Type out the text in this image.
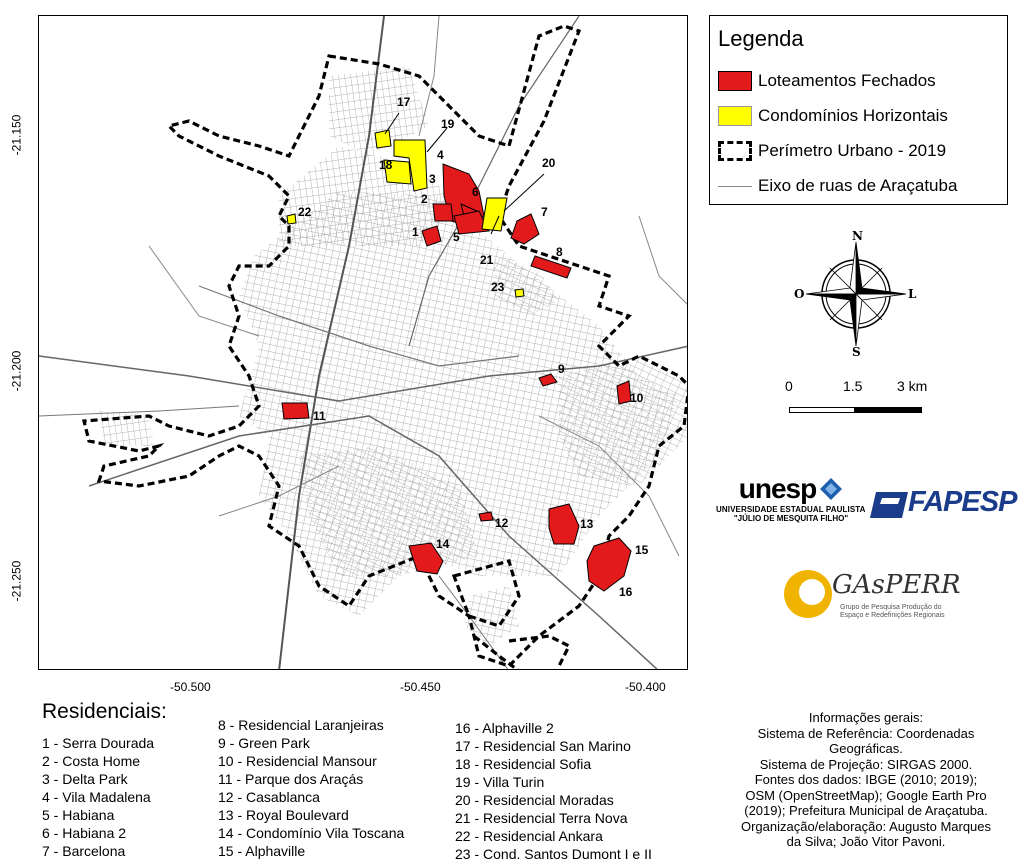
1
2
3
4
5
6
7
8
9
10
11
12	13
14	15
16
17
18
19
20
21
22
23
-21.150
-21.200
-21.250
-50.500	-50.450	-50.400
Legenda
Loteamentos Fechados
Condomínios Horizontais
Perímetro Urbano - 2019
Eixo de ruas de Araçatuba
N
S
O	L
0	1.5 3 km
unesp
UNIVERSIDADE ESTADUAL PAULISTA
"JÚLIO DE MESQUITA FILHO"
FAPESP
GAsPERR
Grupo de Pesquisa Produção do Espaço e Redefinições Regionais
Residenciais:
1 - Serra Dourada
2 - Costa Home
3 - Delta Park
4 - Vila Madalena
5 - Habiana
6 - Habiana 2
7 - Barcelona
8 - Residencial Laranjeiras
9 - Green Park
10 - Residencial Mansour
11 - Parque dos Araçás
12 - Casablanca
13 - Royal Boulevard
14 - Condomínio Vila Toscana
15 - Alphaville
16 - Alphaville 2
17 - Residencial San Marino
18 - Residencial Sofia
19 - Villa Turin
20 - Residencial Moradas
21 - Residencial Terra Nova
22 - Residencial Ankara
23 - Cond. Santos Dumont I e II
Informações gerais:
Sistema de Referência: Coordenadas
Geográficas.
Sistema de Projeção: SIRGAS 2000.
Fontes dos dados: IBGE (2010; 2019);
OSM (OpenStreetMap); Google Earth Pro
(2019); Prefeitura Municipal de Araçatuba.
Organização/elaboração: Augusto Marques
da Silva; João Vitor Pavoni.
